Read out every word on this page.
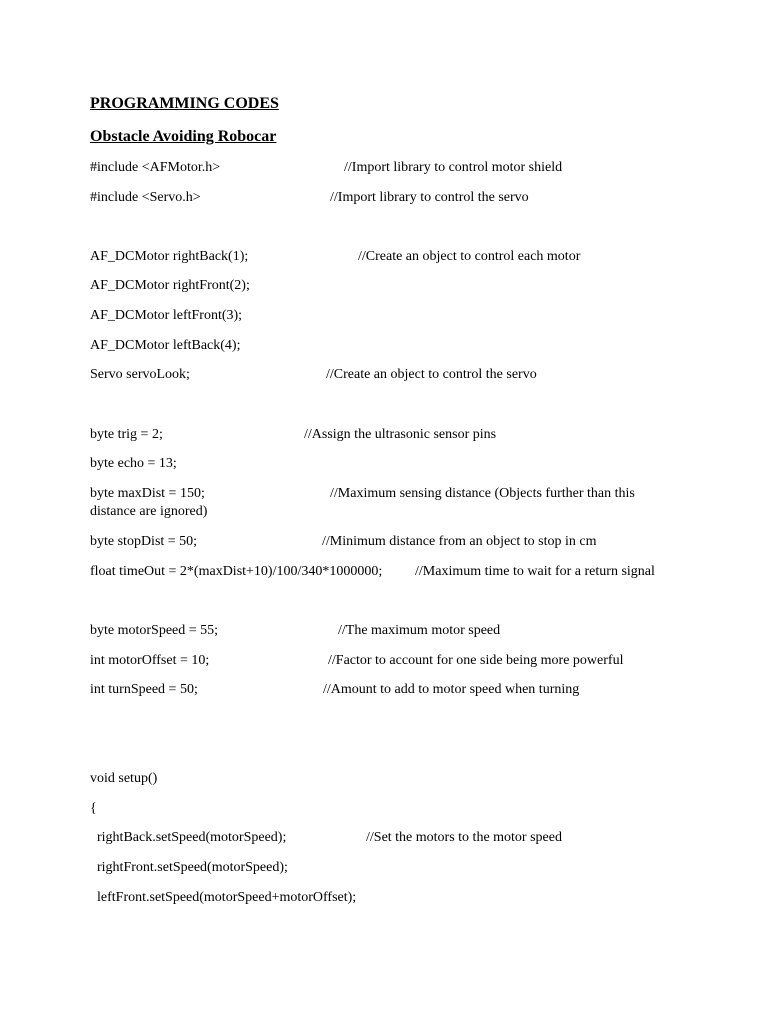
PROGRAMMING CODES
Obstacle Avoiding Robocar
#include <AFMotor.h>	//Import library to control motor shield
#include <Servo.h>	//Import library to control the servo
AF_DCMotor rightBack(1);	//Create an object to control each motor
AF_DCMotor rightFront(2);
AF_DCMotor leftFront(3);
AF_DCMotor leftBack(4);
Servo servoLook;	//Create an object to control the servo
byte trig = 2;	//Assign the ultrasonic sensor pins
byte echo = 13;
byte maxDist = 150;	//Maximum sensing distance (Objects further than this
distance are ignored)
byte stopDist = 50;	//Minimum distance from an object to stop in cm
float timeOut = 2*(maxDist+10)/100/340*1000000; //Maximum time to wait for a return signal
byte motorSpeed = 55;	//The maximum motor speed
int motorOffset = 10;	//Factor to account for one side being more powerful
int turnSpeed = 50;	//Amount to add to motor speed when turning
void setup()
{
rightBack.setSpeed(motorSpeed);	//Set the motors to the motor speed
rightFront.setSpeed(motorSpeed);
leftFront.setSpeed(motorSpeed+motorOffset);
